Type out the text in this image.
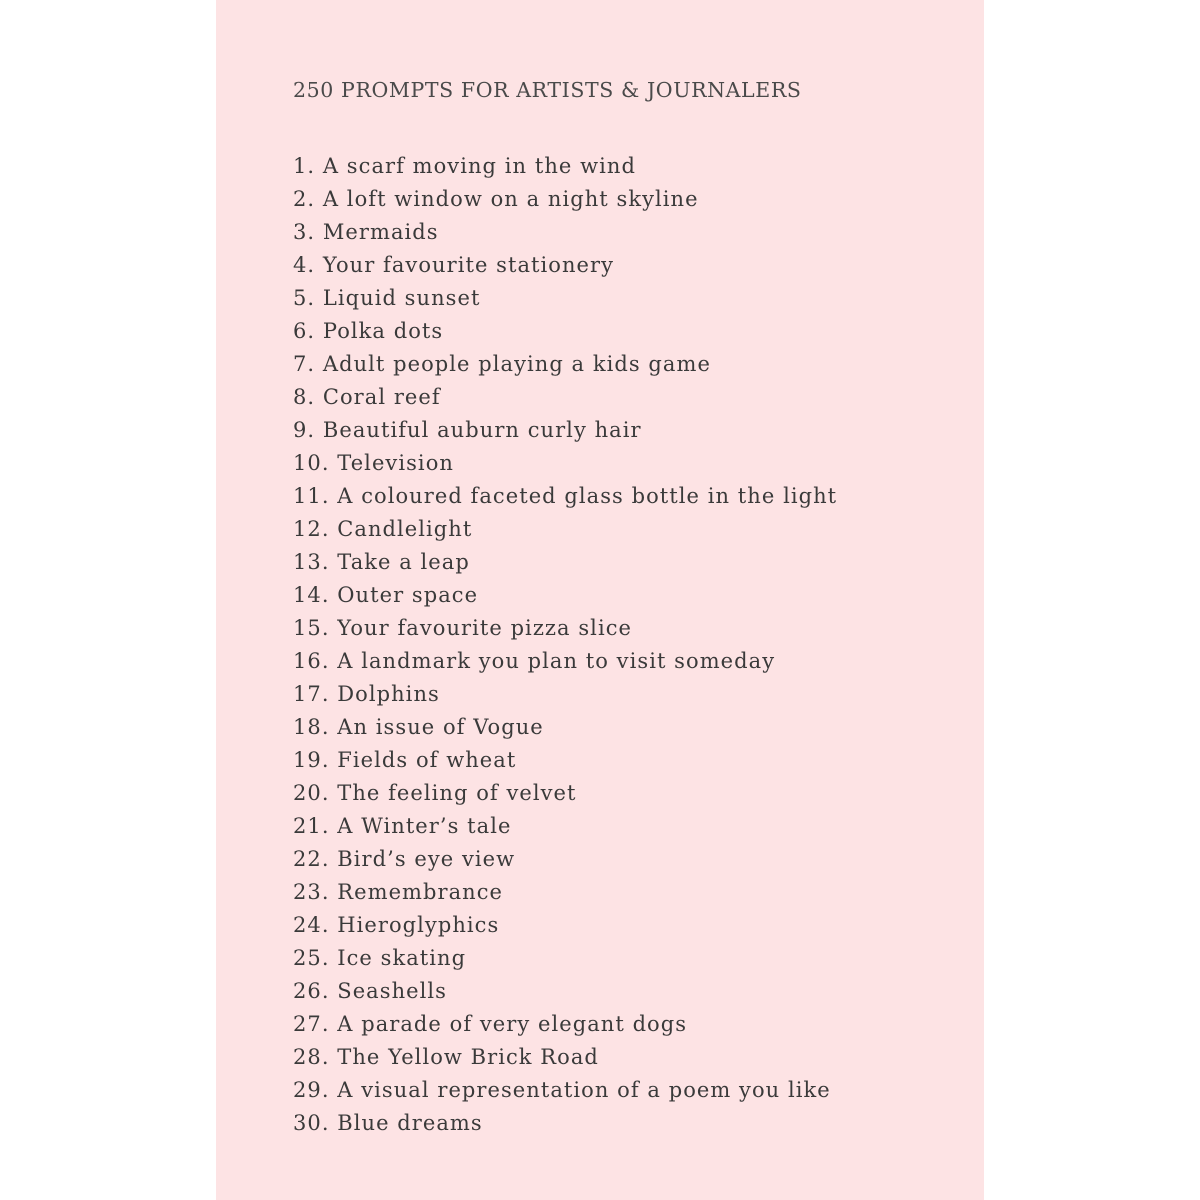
250 PROMPTS FOR ARTISTS & JOURNALERS
1. A scarf moving in the wind
2. A loft window on a night skyline
3. Mermaids
4. Your favourite stationery
5. Liquid sunset
6. Polka dots
7. Adult people playing a kids game
8. Coral reef
9. Beautiful auburn curly hair
10. Television
11. A coloured faceted glass bottle in the light
12. Candlelight
13. Take a leap
14. Outer space
15. Your favourite pizza slice
16. A landmark you plan to visit someday
17. Dolphins
18. An issue of Vogue
19. Fields of wheat
20. The feeling of velvet
21. A Winter’s tale
22. Bird’s eye view
23. Remembrance
24. Hieroglyphics
25. Ice skating
26. Seashells
27. A parade of very elegant dogs
28. The Yellow Brick Road
29. A visual representation of a poem you like
30. Blue dreams
